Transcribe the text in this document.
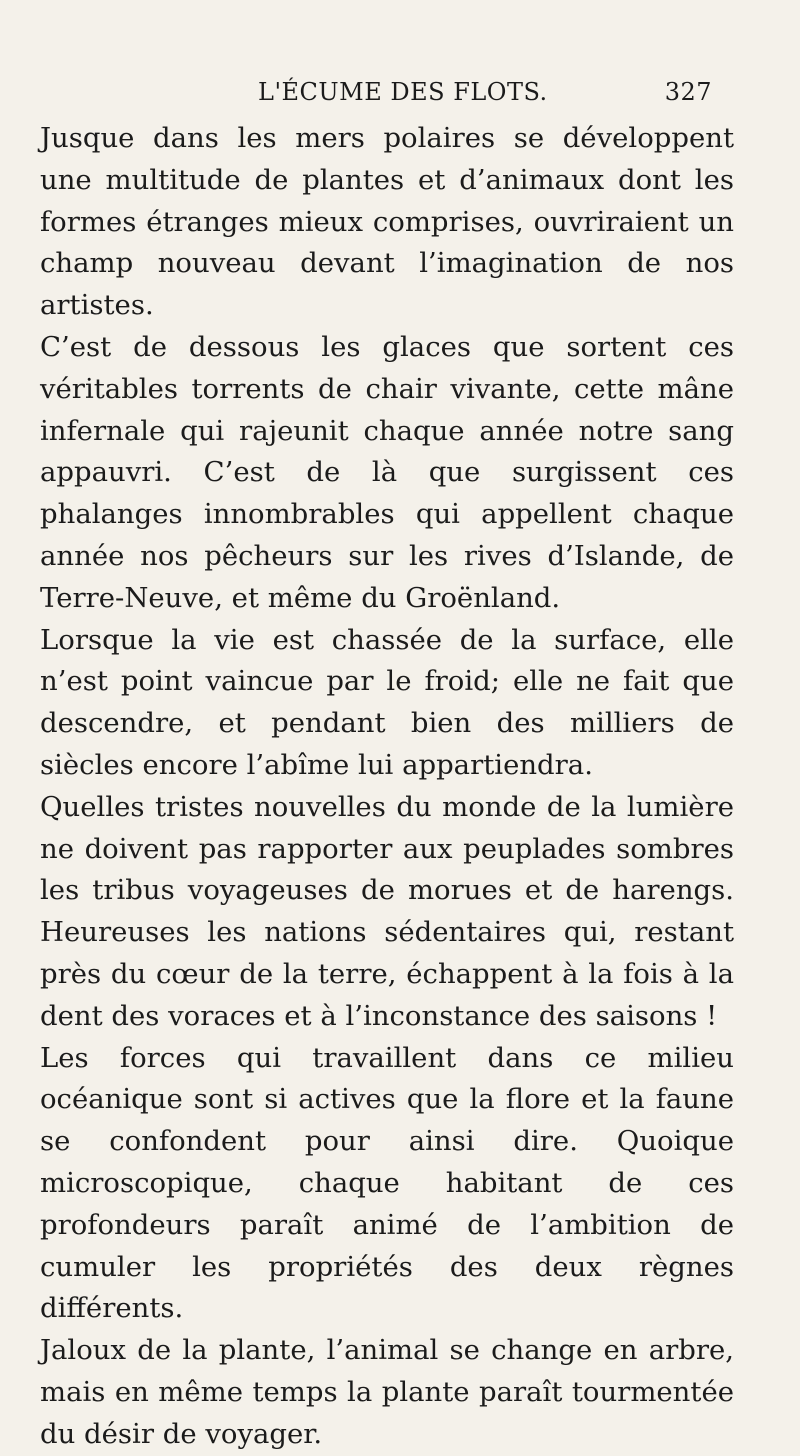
L'ÉCUME DES FLOTS.	327

Jusque dans les mers polaires se développent une multitude de plantes et d’animaux dont les formes étranges mieux comprises, ouvriraient un champ nouveau devant l’imagination de nos artistes.

C’est de dessous les glaces que sortent ces véritables torrents de chair vivante, cette mâne infernale qui rajeunit chaque année notre sang appauvri. C’est de là que surgissent ces phalanges innombrables qui appellent chaque année nos pêcheurs sur les rives d’Islande, de Terre-Neuve, et même du Groënland.

Lorsque la vie est chassée de la surface, elle n’est point vaincue par le froid; elle ne fait que descendre, et pendant bien des milliers de siècles encore l’abîme lui appartiendra.

Quelles tristes nouvelles du monde de la lumière ne doivent pas rapporter aux peuplades sombres les tribus voyageuses de morues et de harengs. Heureuses les nations sédentaires qui, restant près du cœur de la terre, échappent à la fois à la dent des voraces et à l’inconstance des saisons !

Les forces qui travaillent dans ce milieu océanique sont si actives que la flore et la faune se confondent pour ainsi dire. Quoique microscopique, chaque habitant de ces profondeurs paraît animé de l’ambition de cumuler les propriétés des deux règnes différents.

Jaloux de la plante, l’animal se change en arbre, mais en même temps la plante paraît tourmentée du désir de voyager.
